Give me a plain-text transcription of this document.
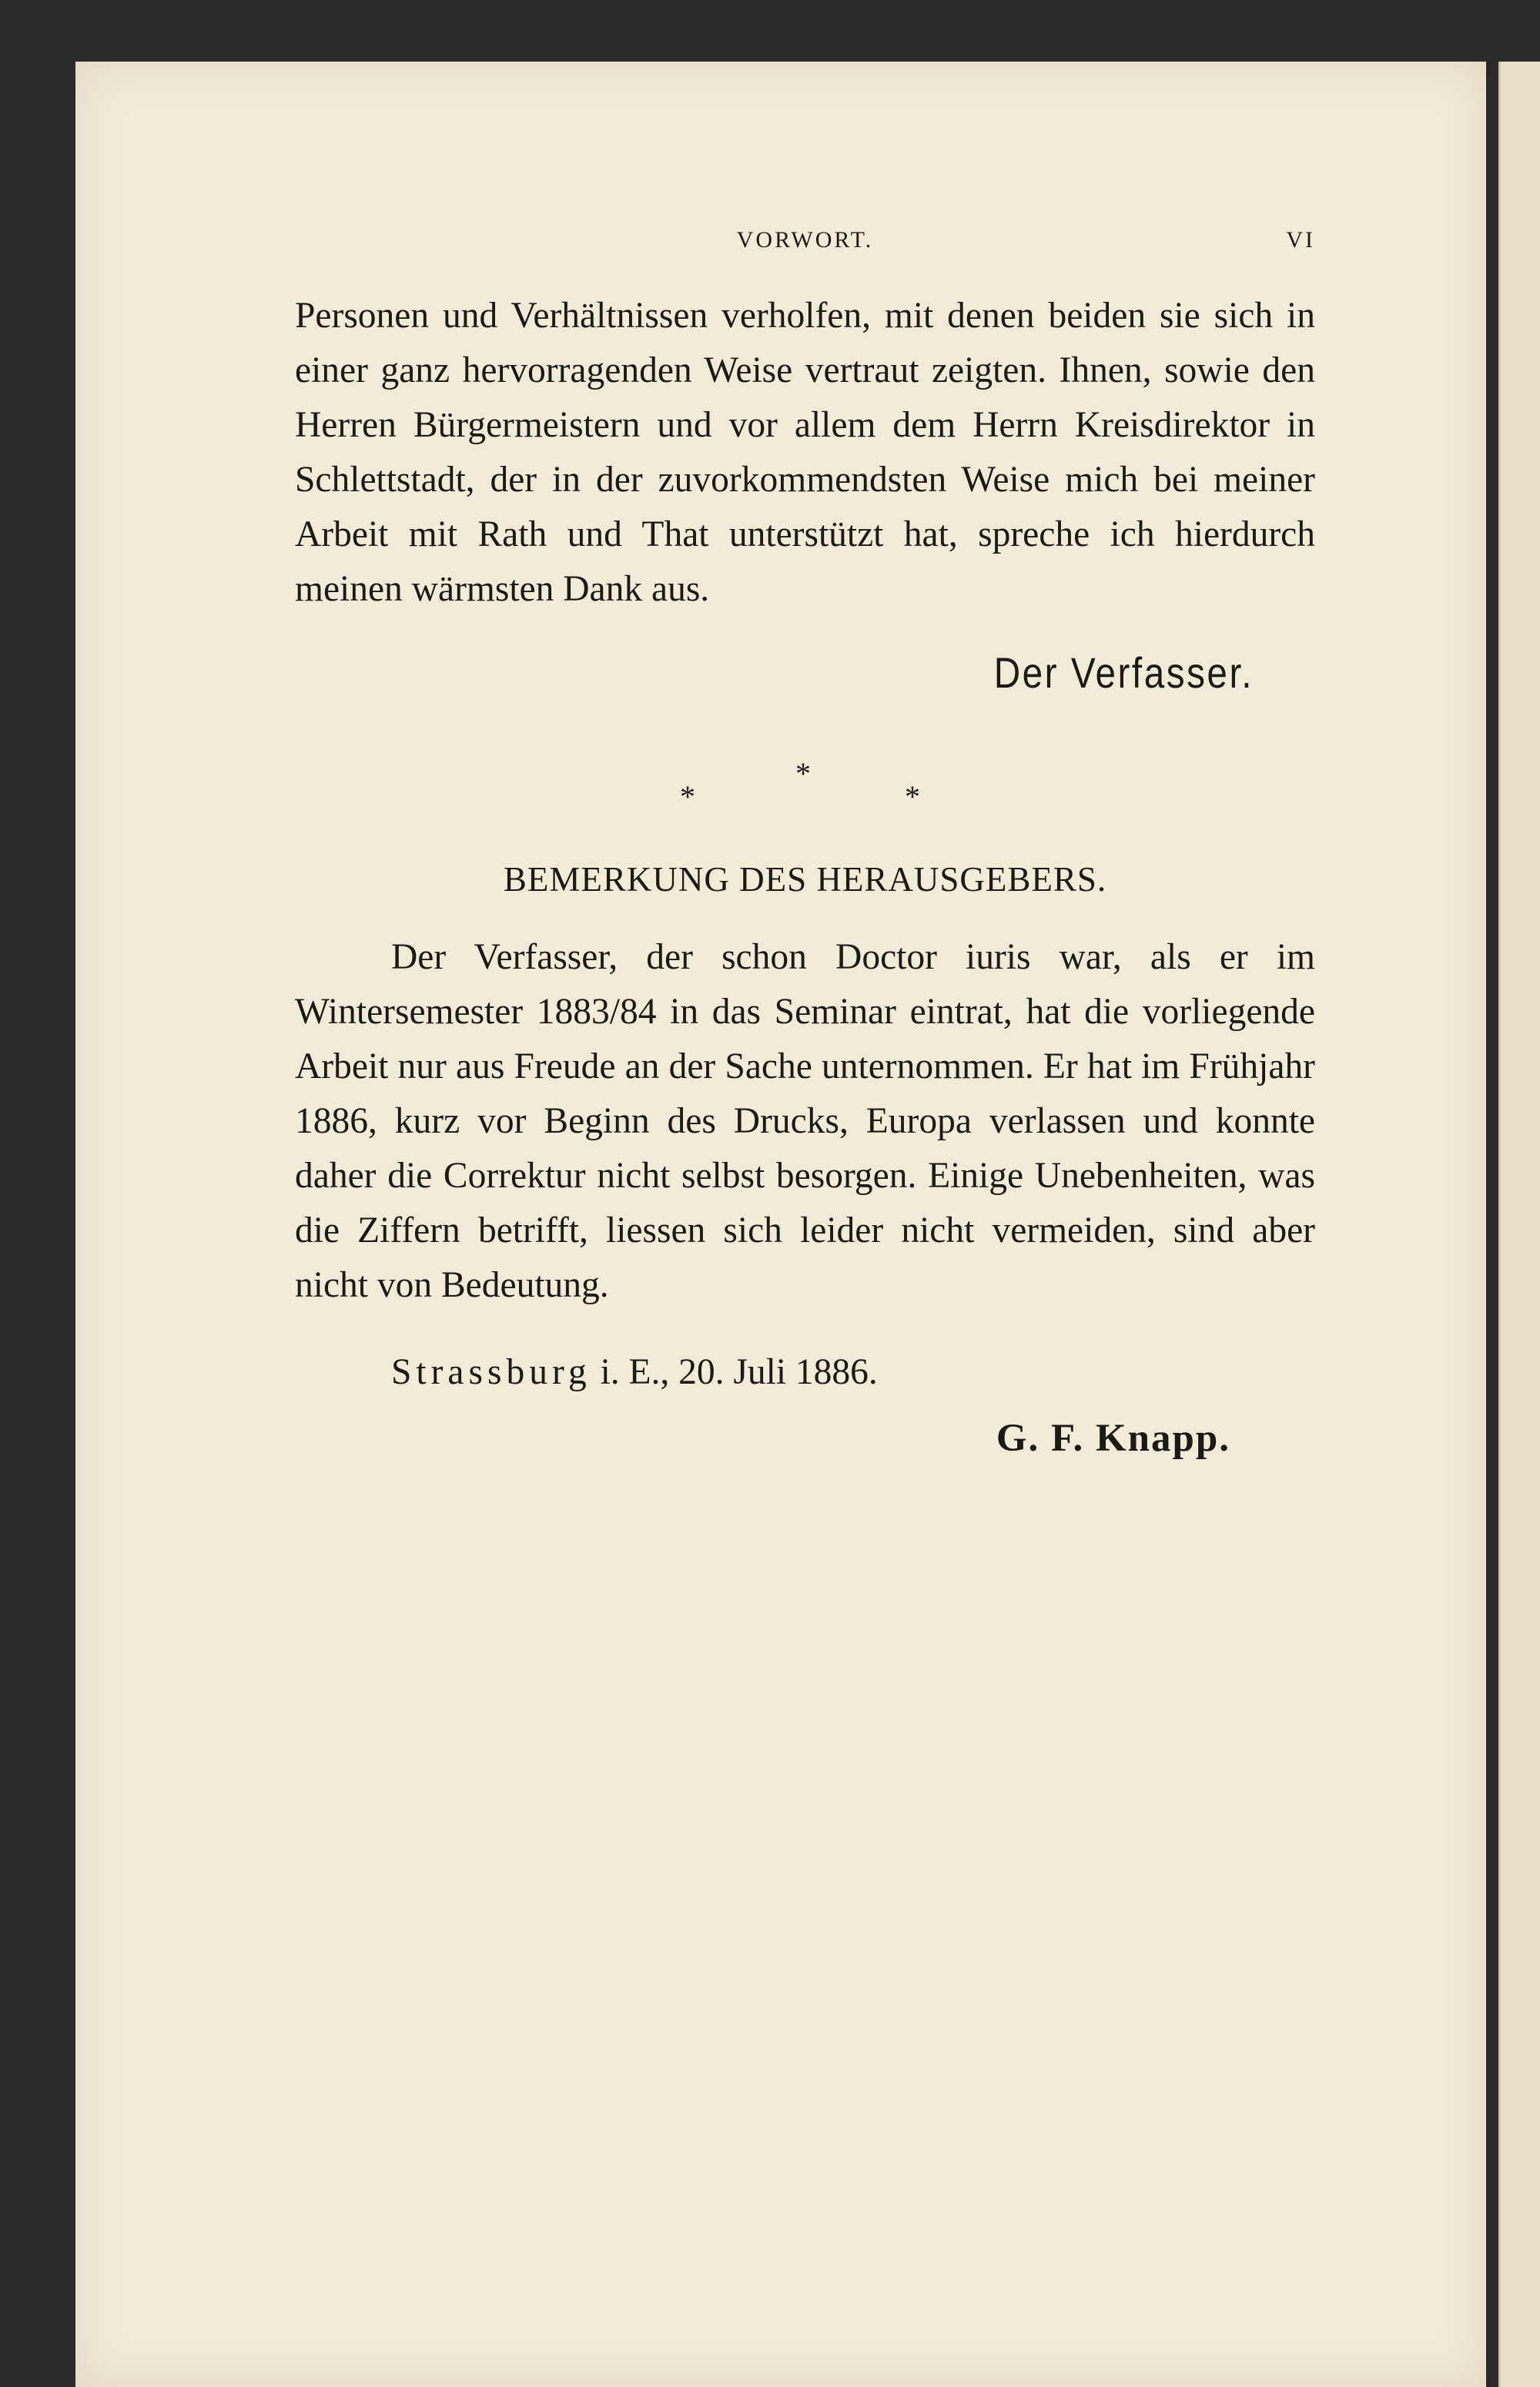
VORWORT.	VI

Personen und Verhältnissen verholfen, mit denen beiden sie sich in einer ganz hervorragenden Weise vertraut zeigten. Ihnen, sowie den Herren Bürgermeistern und vor allem dem Herrn Kreisdirektor in Schlettstadt, der in der zuvorkommendsten Weise mich bei meiner Arbeit mit Rath und That unterstützt hat, spreche ich hierdurch meinen wärmsten Dank aus.

Der Verfasser.
*
*	*
BEMERKUNG DES HERAUSGEBERS.

Der Verfasser, der schon Doctor iuris war, als er im Wintersemester 1883/84 in das Seminar eintrat, hat die vorliegende Arbeit nur aus Freude an der Sache unternommen. Er hat im Frühjahr 1886, kurz vor Beginn des Drucks, Europa verlassen und konnte daher die Correktur nicht selbst besorgen. Einige Unebenheiten, was die Ziffern betrifft, liessen sich leider nicht vermeiden, sind aber nicht von Bedeutung.

Strassburg i. E., 20. Juli 1886.
G. F. Knapp.
